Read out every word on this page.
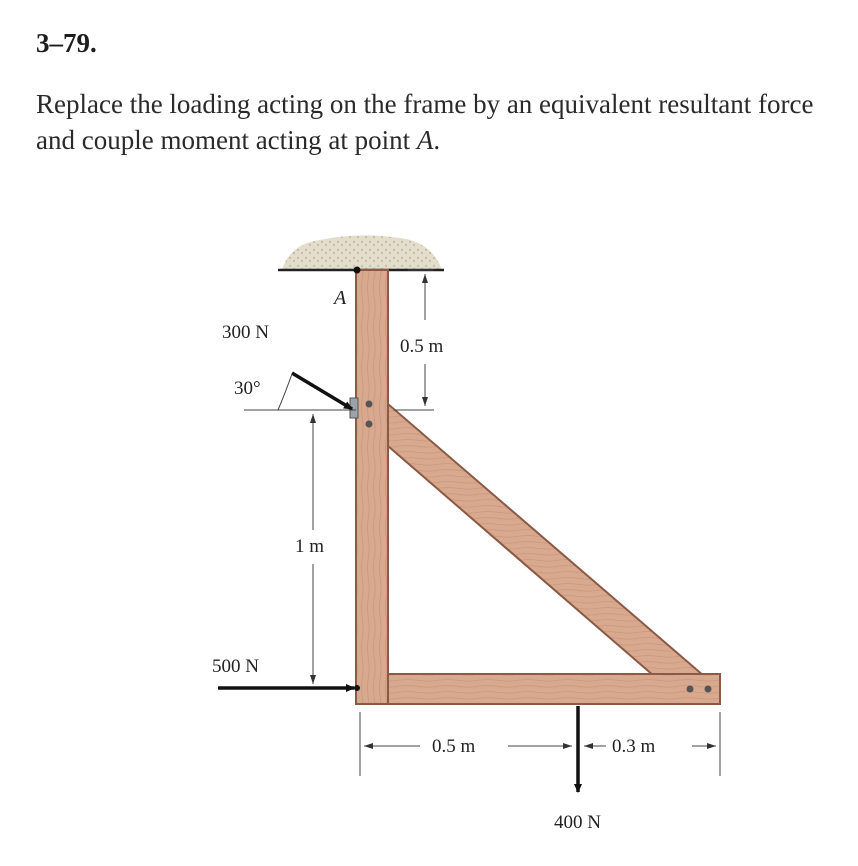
3–79.
Replace the loading acting on the frame by an equivalent resultant force and couple moment acting at point A.
A
300 N
30°
0.5 m
1 m
500 N
0.5 m	0.3 m
400 N
